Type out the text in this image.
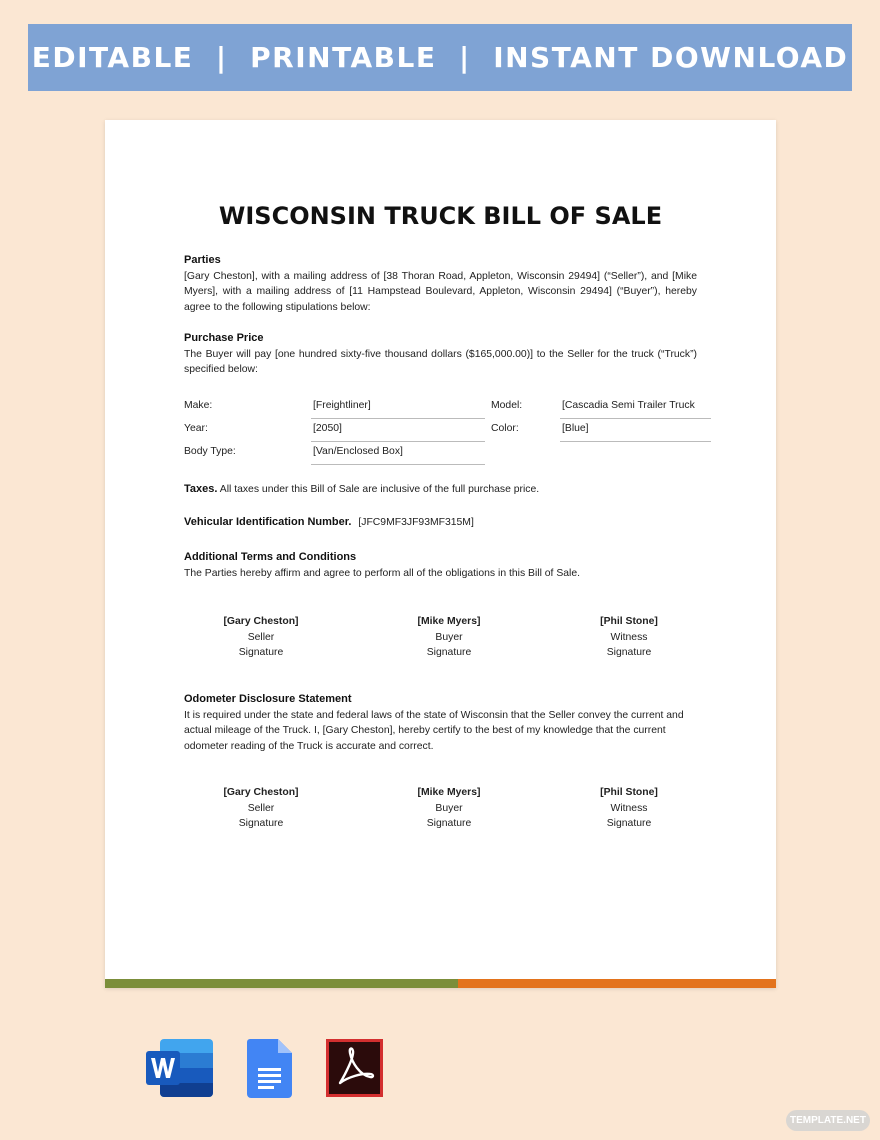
EDITABLE  |  PRINTABLE  |  INSTANT DOWNLOAD
WISCONSIN TRUCK BILL OF SALE
Parties
[Gary Cheston], with a mailing address of [38 Thoran Road, Appleton, Wisconsin 29494] (“Seller”), and [Mike Myers], with a mailing address of [11 Hampstead Boulevard, Appleton, Wisconsin 29494] (“Buyer”), hereby agree to the following stipulations below:
Purchase Price
The Buyer will pay [one hundred sixty-five thousand dollars ($165,000.00)] to the Seller for the truck (“Truck”) specified below:
Make:	[Freightliner]	Model:	[Cascadia Semi Trailer Truck
Year:	[2050]	Color:	[Blue]
Body Type:	[Van/Enclosed Box]
Taxes. All taxes under this Bill of Sale are inclusive of the full purchase price.
Vehicular Identification Number. [JFC9MF3JF93MF315M]
Additional Terms and Conditions
The Parties hereby affirm and agree to perform all of the obligations in this Bill of Sale.
[Gary Cheston]
Seller
Signature
[Mike Myers]
Buyer
Signature
[Phil Stone]
Witness
Signature
Odometer Disclosure Statement
It is required under the state and federal laws of the state of Wisconsin that the Seller convey the current and actual mileage of the Truck. I, [Gary Cheston], hereby certify to the best of my knowledge that the current odometer reading of the Truck is accurate and correct.
[Gary Cheston]
Seller
Signature
[Mike Myers]
Buyer
Signature
[Phil Stone]
Witness
Signature
TEMPLATE.NET
